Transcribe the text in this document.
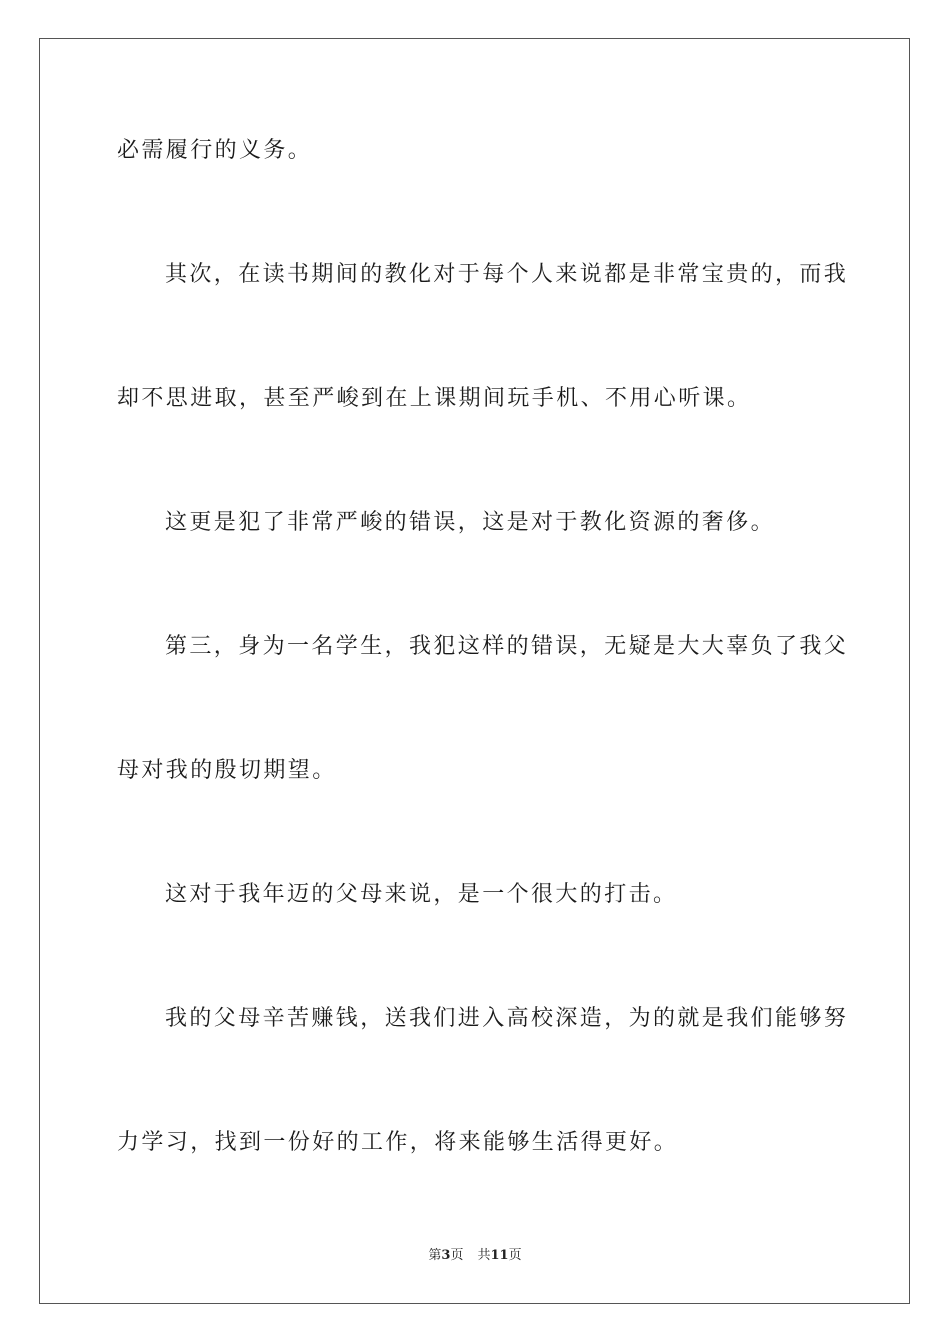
必需履行的义务。
其次，在读书期间的教化对于每个人来说都是非常宝贵的，而我
却不思进取，甚至严峻到在上课期间玩手机、不用心听课。
这更是犯了非常严峻的错误，这是对于教化资源的奢侈。
第三，身为一名学生，我犯这样的错误，无疑是大大辜负了我父
母对我的殷切期望。
这对于我年迈的父母来说，是一个很大的打击。
我的父母辛苦赚钱，送我们进入高校深造，为的就是我们能够努
力学习，找到一份好的工作，将来能够生活得更好。
第3页 共11页
